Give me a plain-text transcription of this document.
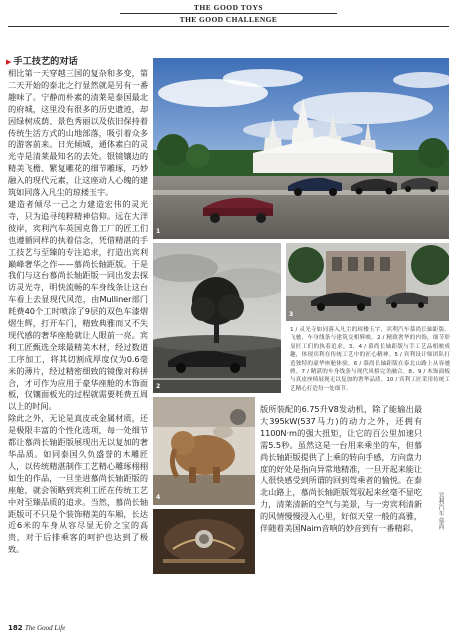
THE GOOD TOYS
THE GOOD CHALLENGE
▶ 手工技艺的对话

相比第一天穿越三国的复杂和多变，第二天开始的泰北之行显然就是另有一番趣味了。宁静而朴素的清莱是泰国最北的府城，这里没有很多的历史遗迹，却因绿树成荫、景色秀丽以及依旧保持着传统生活方式的山地部落，吸引着众多的游客前来。日光倾城，通体素白的灵光寺是清莱最知名的去处。银镜镶边的精美飞檐、繁复雕花的细节雕琢，巧妙融入的现代元素，让这座动人心魄的建筑如同落入凡尘的琼楼玉宇。

建造者倾尽一己之力建造宏伟的灵光寺，只为追寻纯粹精神信仰。远在大洋彼岸，宾利汽车英国克鲁工厂的匠工们也遵循同样的执着信念，凭借精湛的手工技艺与至臻的专注追求，打造出宾利巅峰奢华之作——慕尚长轴距版。于是我们与这台慕尚长轴距版一同出发去探访灵光寺，明快流畅的车身线条让这台车看上去显现代风范，由Mulliner部门耗费40个工时喷涂了9层的双色车漆熠熠生辉，打开车门，精致典雅而又不失现代感的奢华座舱就让人眼前一亮。宾利工匠甄选全球最精美木材，经过数道工序加工，将其切割成厚度仅为0.6毫米的薄片，经过精密细致的镜像对称拼合，才可作为应用于豪华座舱的木饰面板，仅镶面板光的过程就需要耗费五周以上的时间。

除此之外，无论是真皮或金属材质，还是极限丰富的个性化选项，每一处细节都让慕尚长轴距版展现出无以复加的奢华品质。如同泰国久负盛誉的木雕匠人，以传统精湛制作工艺精心雕琢栩栩如生的作品，一旦坐进慕尚长轴距版的座舱，就会领略到宾利工匠在传统工艺中对至臻品质的追求。当然，慕尚长轴距版可不只是个装饰精美的车厢，长达近6米的车身从容尽显无价之宝的高贵，对于后排乘客的呵护也达到了极致。

1
2
3
4
1 / 灵光寺如同落入凡尘的琼楼玉宇，宾利汽车慕尚长轴距版、飞驰，车身线条与建筑交相辉映。2 / 精致奢华的内饰，细节彰显匠工们的执着追求。3、4 / 慕尚长轴距版与手工艺品相映成趣，体现宾利在传统工艺中的匠心精神。5 / 宾利设计师团队打造独特的豪华座舱体验。6 / 慕尚长轴距版在泰北山路上从容驰骋。7 / 精湛的车身线条与现代风格完美融合。8、9 / 木饰面板与真皮座椅展现无以复加的奢华品质。10 / 宾利工匠采用传统工艺精心打造每一处细节。

版所装配的6.75升V8发动机，除了能输出最大395kW(537马力)的动力之外，还拥有1100N·m的强大扭矩，让它的百公里加速只需5.5秒。虽然这是一台用来乘坐的车，但慕尚长轴距版提供了上乘的转向手感，方向盘力度的好处是指向异常地精准，一旦开起来能让人很快感受到所谓的回到驾乘者的愉悦。在泰北山路上，慕尚长轴距版驾驭起来丝毫不显吃力，清莱清新的空气与美景，与一旁宾利清新的风情慢慢浸入心里，好似天堂一般的高雅，伴随着美国Naim音响的妙音到有一番精彩。	宾利汽车 慕尚
182 The Good Life
